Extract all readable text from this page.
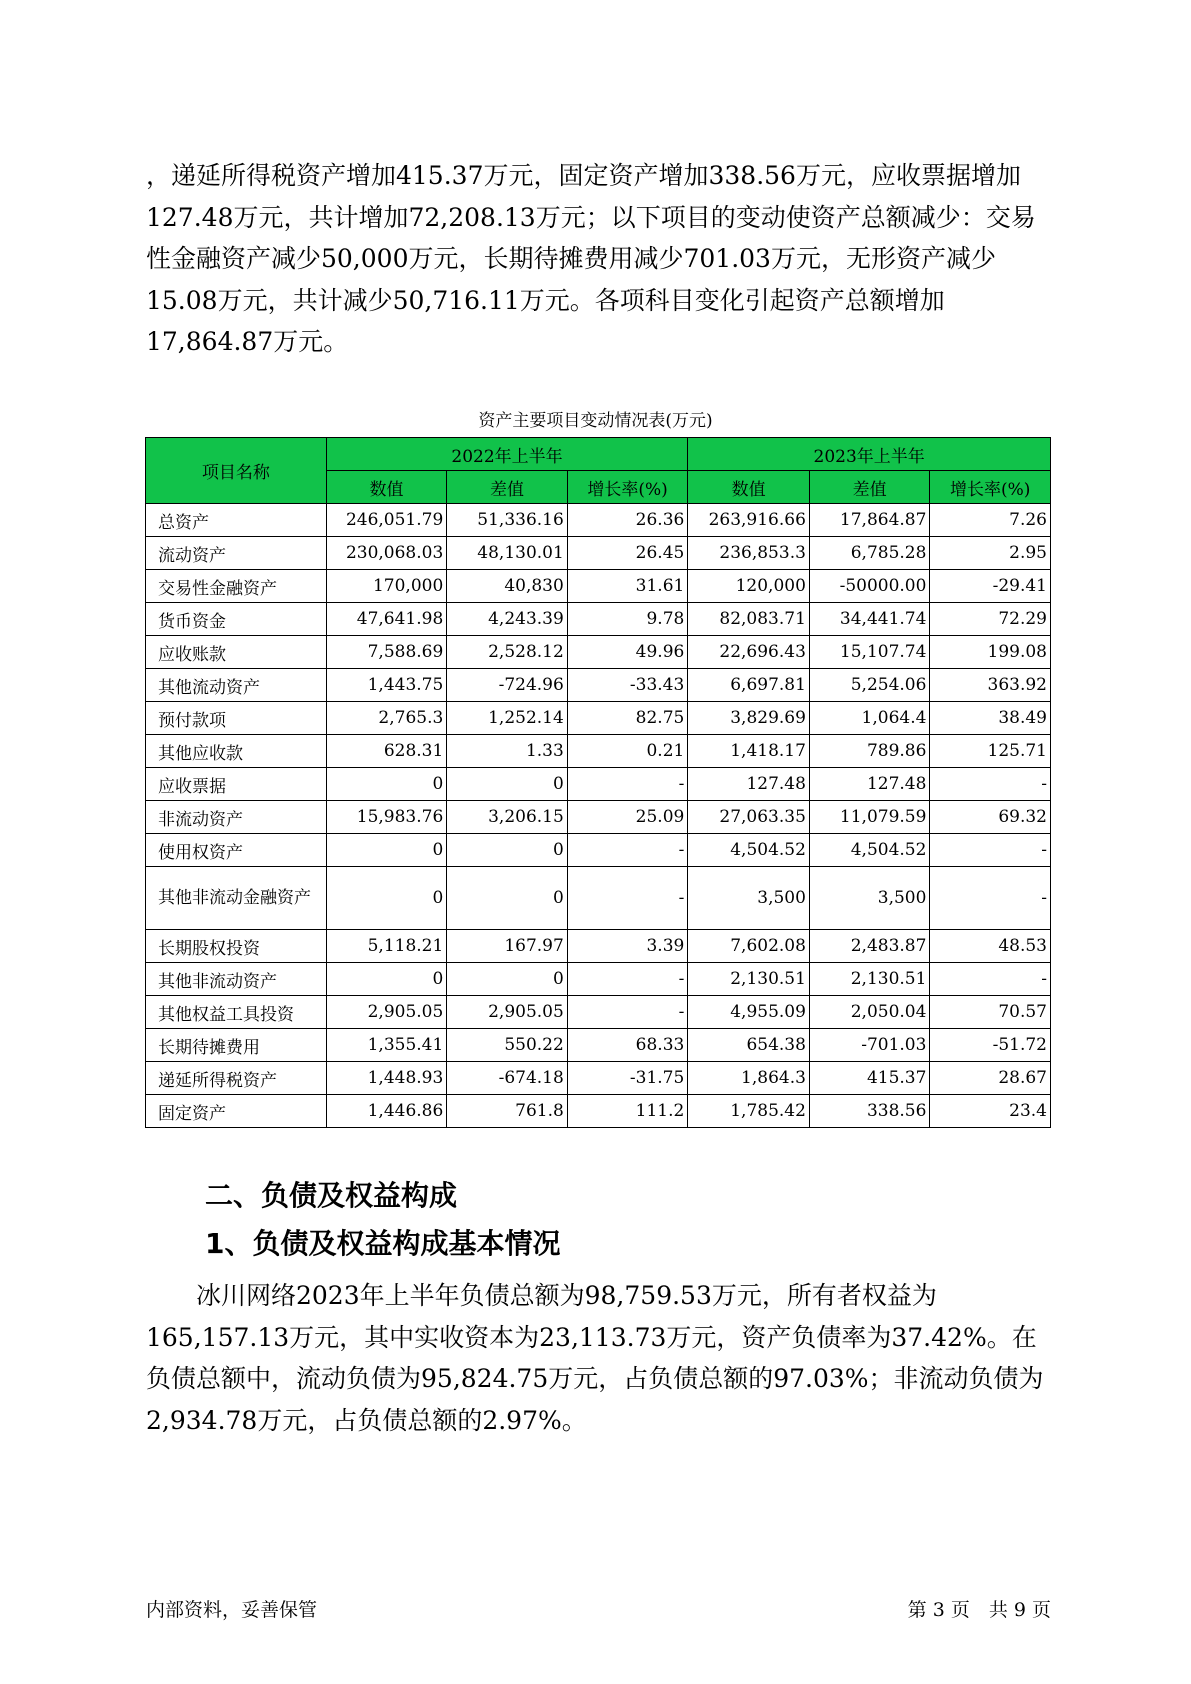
，递延所得税资产增加415.37万元，固定资产增加338.56万元，应收票据增加127.48万元，共计增加72,208.13万元；以下项目的变动使资产总额减少：交易性金融资产减少50,000万元，长期待摊费用减少701.03万元，无形资产减少15.08万元，共计减少50,716.11万元。各项科目变化引起资产总额增加17,864.87万元。

资产主要项目变动情况表(万元)
项目名称	2022年上半年			2023年上半年		
	数值	差值	增长率(%)	数值	差值	增长率(%)
总资产	246,051.79	51,336.16	26.36	263,916.66	17,864.87	7.26
流动资产	230,068.03	48,130.01	26.45	236,853.3	6,785.28	2.95
交易性金融资产	170,000	40,830	31.61	120,000	-50000.00	-29.41
货币资金	47,641.98	4,243.39	9.78	82,083.71	34,441.74	72.29
应收账款	7,588.69	2,528.12	49.96	22,696.43	15,107.74	199.08
其他流动资产	1,443.75	-724.96	-33.43	6,697.81	5,254.06	363.92
预付款项	2,765.3	1,252.14	82.75	3,829.69	1,064.4	38.49
其他应收款	628.31	1.33	0.21	1,418.17	789.86	125.71
应收票据	0	0	-	127.48	127.48	-
非流动资产	15,983.76	3,206.15	25.09	27,063.35	11,079.59	69.32
使用权资产	0	0	-	4,504.52	4,504.52	-
其他非流动金融资产	0	0	-	3,500	3,500	-
长期股权投资	5,118.21	167.97	3.39	7,602.08	2,483.87	48.53
其他非流动资产	0	0	-	2,130.51	2,130.51	-
其他权益工具投资	2,905.05	2,905.05	-	4,955.09	2,050.04	70.57
长期待摊费用	1,355.41	550.22	68.33	654.38	-701.03	-51.72
递延所得税资产	1,448.93	-674.18	-31.75	1,864.3	415.37	28.67
固定资产	1,446.86	761.8	111.2	1,785.42	338.56	23.4
二、负债及权益构成
1、负债及权益构成基本情况

冰川网络2023年上半年负债总额为98,759.53万元，所有者权益为165,157.13万元，其中实收资本为23,113.73万元，资产负债率为37.42%。在负债总额中，流动负债为95,824.75万元，占负债总额的97.03%；非流动负债为2,934.78万元，占负债总额的2.97%。

内部资料，妥善保管	第 3 页　共 9 页
